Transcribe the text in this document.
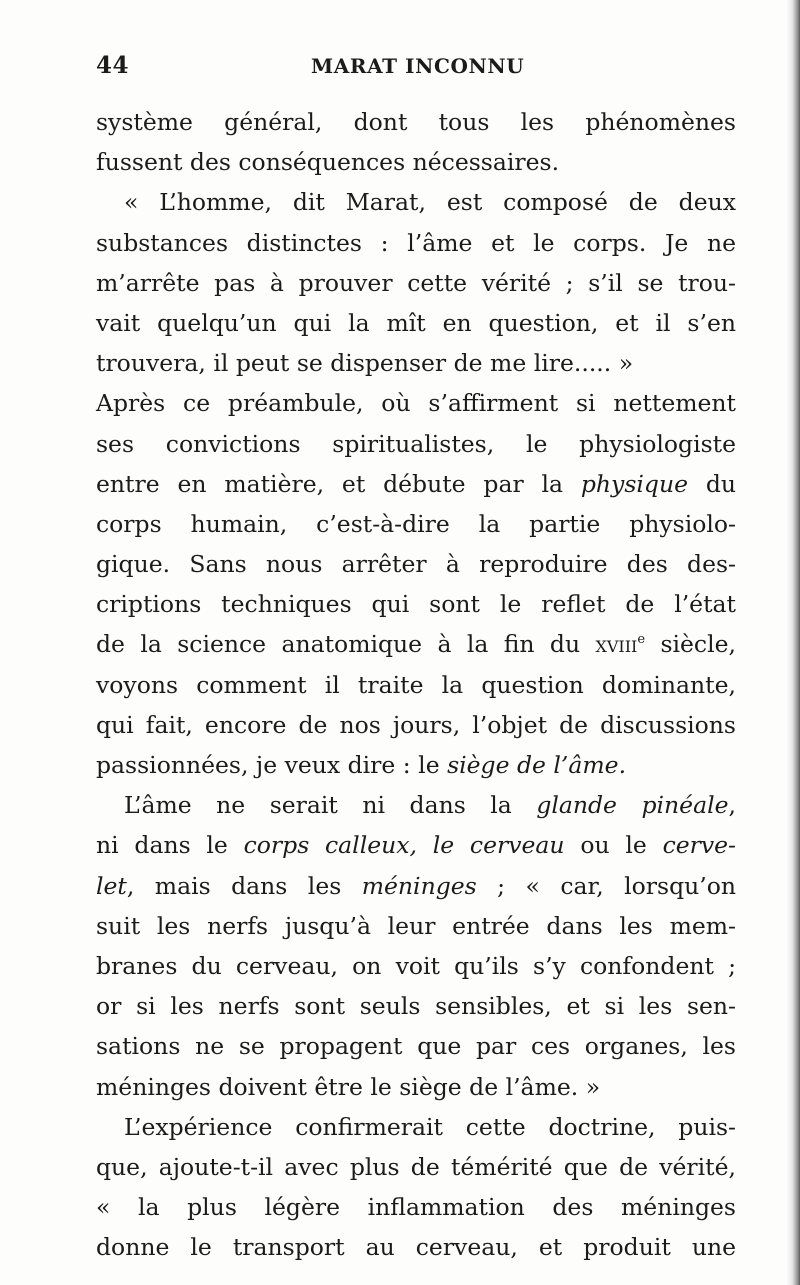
44	MARAT INCONNU
système général, dont tous les phénomènes
fussent des conséquences nécessaires.
« L’homme, dit Marat, est composé de deux
substances distinctes : l’âme et le corps. Je ne
m’arrête pas à prouver cette vérité ; s’il se trou-
vait quelqu’un qui la mît en question, et il s’en
trouvera, il peut se dispenser de me lire..... »
Après ce préambule, où s’affirment si nettement
ses convictions spiritualistes, le physiologiste
entre en matière, et débute par la physique du
corps humain, c’est-à-dire la partie physiolo-
gique. Sans nous arrêter à reproduire des des-
criptions techniques qui sont le reflet de l’état
de la science anatomique à la fin du xviii$^e$ siècle,
voyons comment il traite la question dominante,
qui fait, encore de nos jours, l’objet de discussions
passionnées, je veux dire : le siège de l’âme.
L’âme ne serait ni dans la glande pinéale,
ni dans le corps calleux, le cerveau ou le cerve-
let, mais dans les méninges ; « car, lorsqu’on
suit les nerfs jusqu’à leur entrée dans les mem-
branes du cerveau, on voit qu’ils s’y confondent ;
or si les nerfs sont seuls sensibles, et si les sen-
sations ne se propagent que par ces organes, les
méninges doivent être le siège de l’âme. »
L’expérience confirmerait cette doctrine, puis-
que, ajoute-t-il avec plus de témérité que de vérité,
« la plus légère inflammation des méninges
donne le transport au cerveau, et produit une
